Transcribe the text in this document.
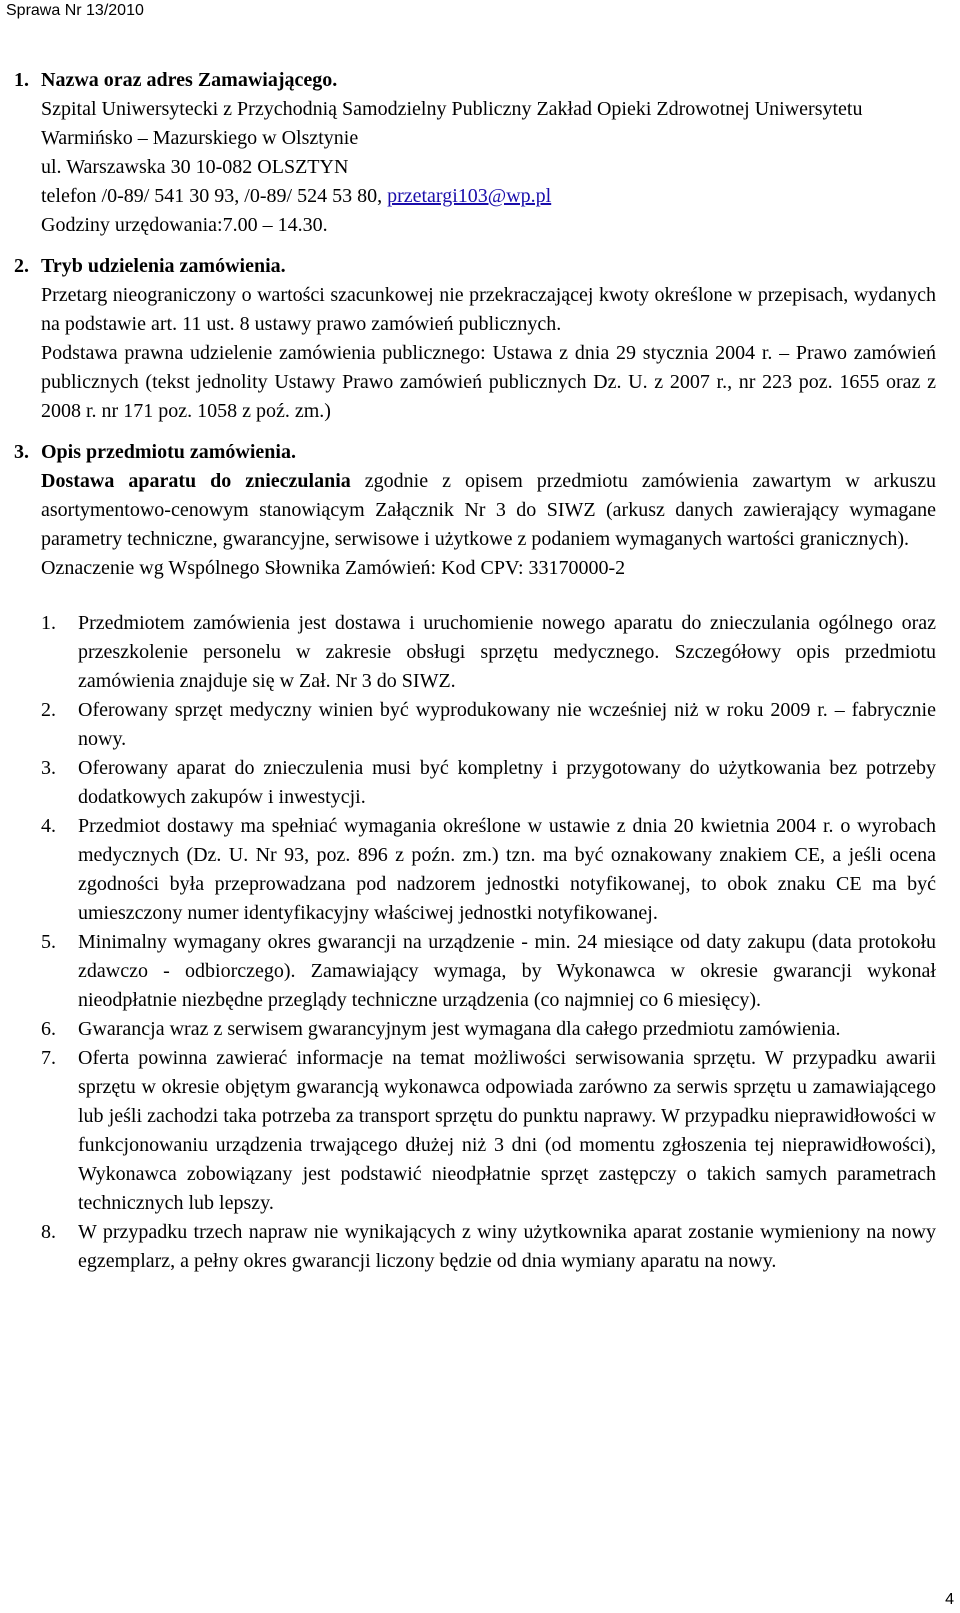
Sprawa Nr 13/2010
1. Nazwa oraz adres Zamawiającego.
Szpital Uniwersytecki z Przychodnią Samodzielny Publiczny Zakład Opieki Zdrowotnej Uniwersytetu Warmińsko – Mazurskiego w Olsztynie
ul. Warszawska 30 10-082 OLSZTYN
telefon /0-89/ 541 30 93, /0-89/ 524 53 80, przetargi103@wp.pl
Godziny urzędowania:7.00 – 14.30.
2. Tryb udzielenia zamówienia.
Przetarg nieograniczony o wartości szacunkowej nie przekraczającej kwoty określone w przepisach, wydanych na podstawie art. 11 ust. 8 ustawy prawo zamówień publicznych.
Podstawa prawna udzielenie zamówienia publicznego: Ustawa z dnia 29 stycznia 2004 r. – Prawo zamówień publicznych (tekst jednolity Ustawy Prawo zamówień publicznych Dz. U. z 2007 r., nr 223 poz. 1655 oraz z 2008 r. nr 171 poz. 1058 z poź. zm.)
3. Opis przedmiotu zamówienia.
Dostawa aparatu do znieczulania zgodnie z opisem przedmiotu zamówienia zawartym w arkuszu asortymentowo-cenowym stanowiącym Załącznik Nr 3 do SIWZ (arkusz danych zawierający wymagane parametry techniczne, gwarancyjne, serwisowe i użytkowe z podaniem wymaganych wartości granicznych).
Oznaczenie wg Wspólnego Słownika Zamówień: Kod CPV: 33170000-2
1. Przedmiotem zamówienia jest dostawa i uruchomienie nowego aparatu do znieczulania ogólnego oraz przeszkolenie personelu w zakresie obsługi sprzętu medycznego. Szczegółowy opis przedmiotu zamówienia znajduje się w Zał. Nr 3 do SIWZ.
2. Oferowany sprzęt medyczny winien być wyprodukowany nie wcześniej niż w roku 2009 r. – fabrycznie nowy.
3. Oferowany aparat do znieczulenia musi być kompletny i przygotowany do użytkowania bez potrzeby dodatkowych zakupów i inwestycji.
4. Przedmiot dostawy ma spełniać wymagania określone w ustawie z dnia 20 kwietnia 2004 r. o wyrobach medycznych (Dz. U. Nr 93, poz. 896 z poźn. zm.) tzn. ma być oznakowany znakiem CE, a jeśli ocena zgodności była przeprowadzana pod nadzorem jednostki notyfikowanej, to obok znaku CE ma być umieszczony numer identyfikacyjny właściwej jednostki notyfikowanej.
5. Minimalny wymagany okres gwarancji na urządzenie - min. 24 miesiące od daty zakupu (data protokołu zdawczo - odbiorczego). Zamawiający wymaga, by Wykonawca w okresie gwarancji wykonał nieodpłatnie niezbędne przeglądy techniczne urządzenia (co najmniej co 6 miesięcy).
6. Gwarancja wraz z serwisem gwarancyjnym jest wymagana dla całego przedmiotu zamówienia.
7. Oferta powinna zawierać informacje na temat możliwości serwisowania sprzętu. W przypadku awarii sprzętu w okresie objętym gwarancją wykonawca odpowiada zarówno za serwis sprzętu u zamawiającego lub jeśli zachodzi taka potrzeba za transport sprzętu do punktu naprawy. W przypadku nieprawidłowości w funkcjonowaniu urządzenia trwającego dłużej niż 3 dni (od momentu zgłoszenia tej nieprawidłowości), Wykonawca zobowiązany jest podstawić nieodpłatnie sprzęt zastępczy o takich samych parametrach technicznych lub lepszy.
8. W przypadku trzech napraw nie wynikających z winy użytkownika aparat zostanie wymieniony na nowy egzemplarz, a pełny okres gwarancji liczony będzie od dnia wymiany aparatu na nowy.
4
